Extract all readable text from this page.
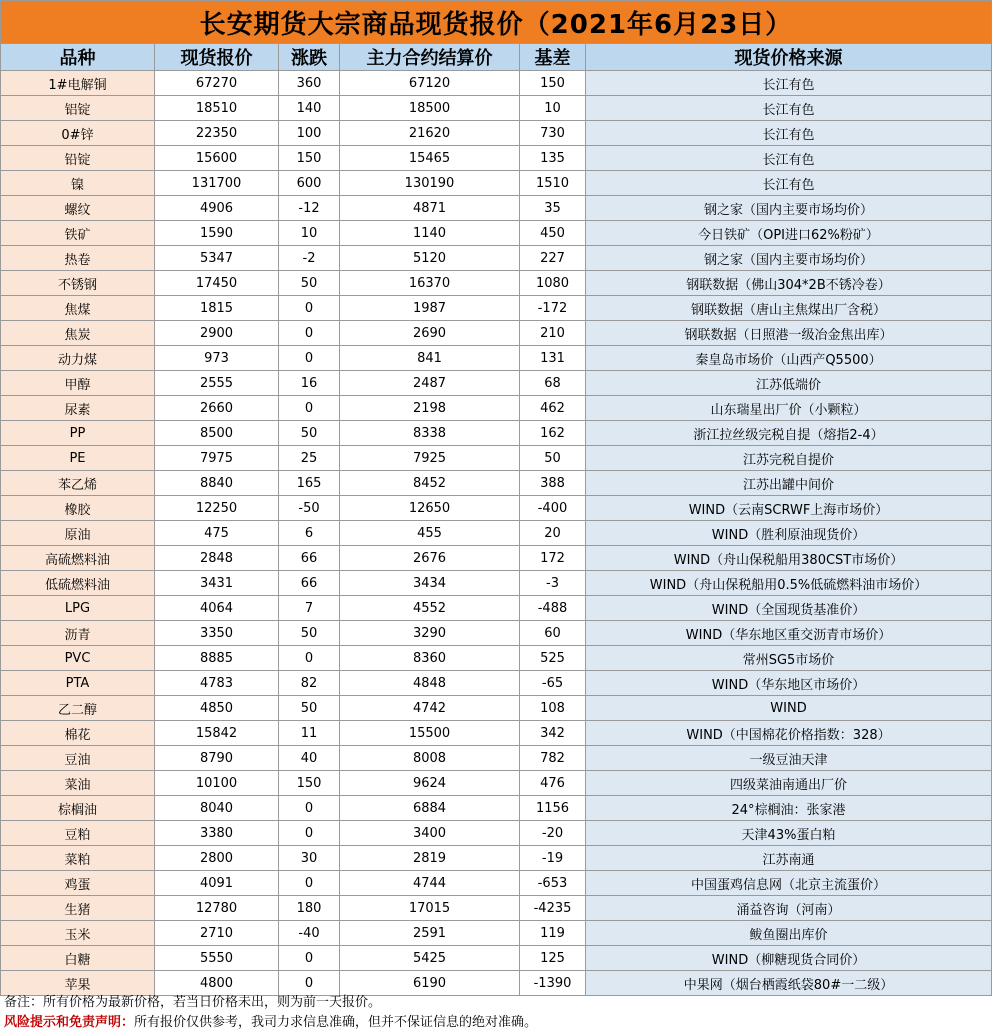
长安期货大宗商品现货报价（2021年6月23日）
品种	现货报价	涨跌	主力合约结算价	基差	现货价格来源
1#电解铜	67270	360	67120	150	长江有色
铝锭	18510	140	18500	10	长江有色
0#锌	22350	100	21620	730	长江有色
铅锭	15600	150	15465	135	长江有色
镍	131700	600	130190	1510	长江有色
螺纹	4906	-12	4871	35	钢之家（国内主要市场均价）
铁矿	1590	10	1140	450	今日铁矿（OPI进口62%粉矿）
热卷	5347	-2	5120	227	钢之家（国内主要市场均价）
不锈钢	17450	50	16370	1080	钢联数据（佛山304*2B不锈冷卷）
焦煤	1815	0	1987	-172	钢联数据（唐山主焦煤出厂含税）
焦炭	2900	0	2690	210	钢联数据（日照港一级冶金焦出库）
动力煤	973	0	841	131	秦皇岛市场价（山西产Q5500）
甲醇	2555	16	2487	68	江苏低端价
尿素	2660	0	2198	462	山东瑞星出厂价（小颗粒）
PP	8500	50	8338	162	浙江拉丝级完税自提（熔指2-4）
PE	7975	25	7925	50	江苏完税自提价
苯乙烯	8840	165	8452	388	江苏出罐中间价
橡胶	12250	-50	12650	-400	WIND（云南SCRWF上海市场价）
原油	475	6	455	20	WIND（胜利原油现货价）
高硫燃料油	2848	66	2676	172	WIND（舟山保税船用380CST市场价）
低硫燃料油	3431	66	3434	-3	WIND（舟山保税船用0.5%低硫燃料油市场价）
LPG	4064	7	4552	-488	WIND（全国现货基准价）
沥青	3350	50	3290	60	WIND（华东地区重交沥青市场价）
PVC	8885	0	8360	525	常州SG5市场价
PTA	4783	82	4848	-65	WIND（华东地区市场价）
乙二醇	4850	50	4742	108	WIND
棉花	15842	11	15500	342	WIND（中国棉花价格指数：328）
豆油	8790	40	8008	782	一级豆油天津
菜油	10100	150	9624	476	四级菜油南通出厂价
棕榈油	8040	0	6884	1156	24°棕榈油：张家港
豆粕	3380	0	3400	-20	天津43%蛋白粕
菜粕	2800	30	2819	-19	江苏南通
鸡蛋	4091	0	4744	-653	中国蛋鸡信息网（北京主流蛋价）
生猪	12780	180	17015	-4235	涌益咨询（河南）
玉米	2710	-40	2591	119	鲅鱼圈出库价
白糖	5550	0	5425	125	WIND（柳糖现货合同价）
苹果	4800	0	6190	-1390	中果网（烟台栖霞纸袋80#一二级）
备注：所有价格为最新价格，若当日价格未出，则为前一天报价。
风险提示和免责声明：所有报价仅供参考，我司力求信息准确，但并不保证信息的绝对准确。
